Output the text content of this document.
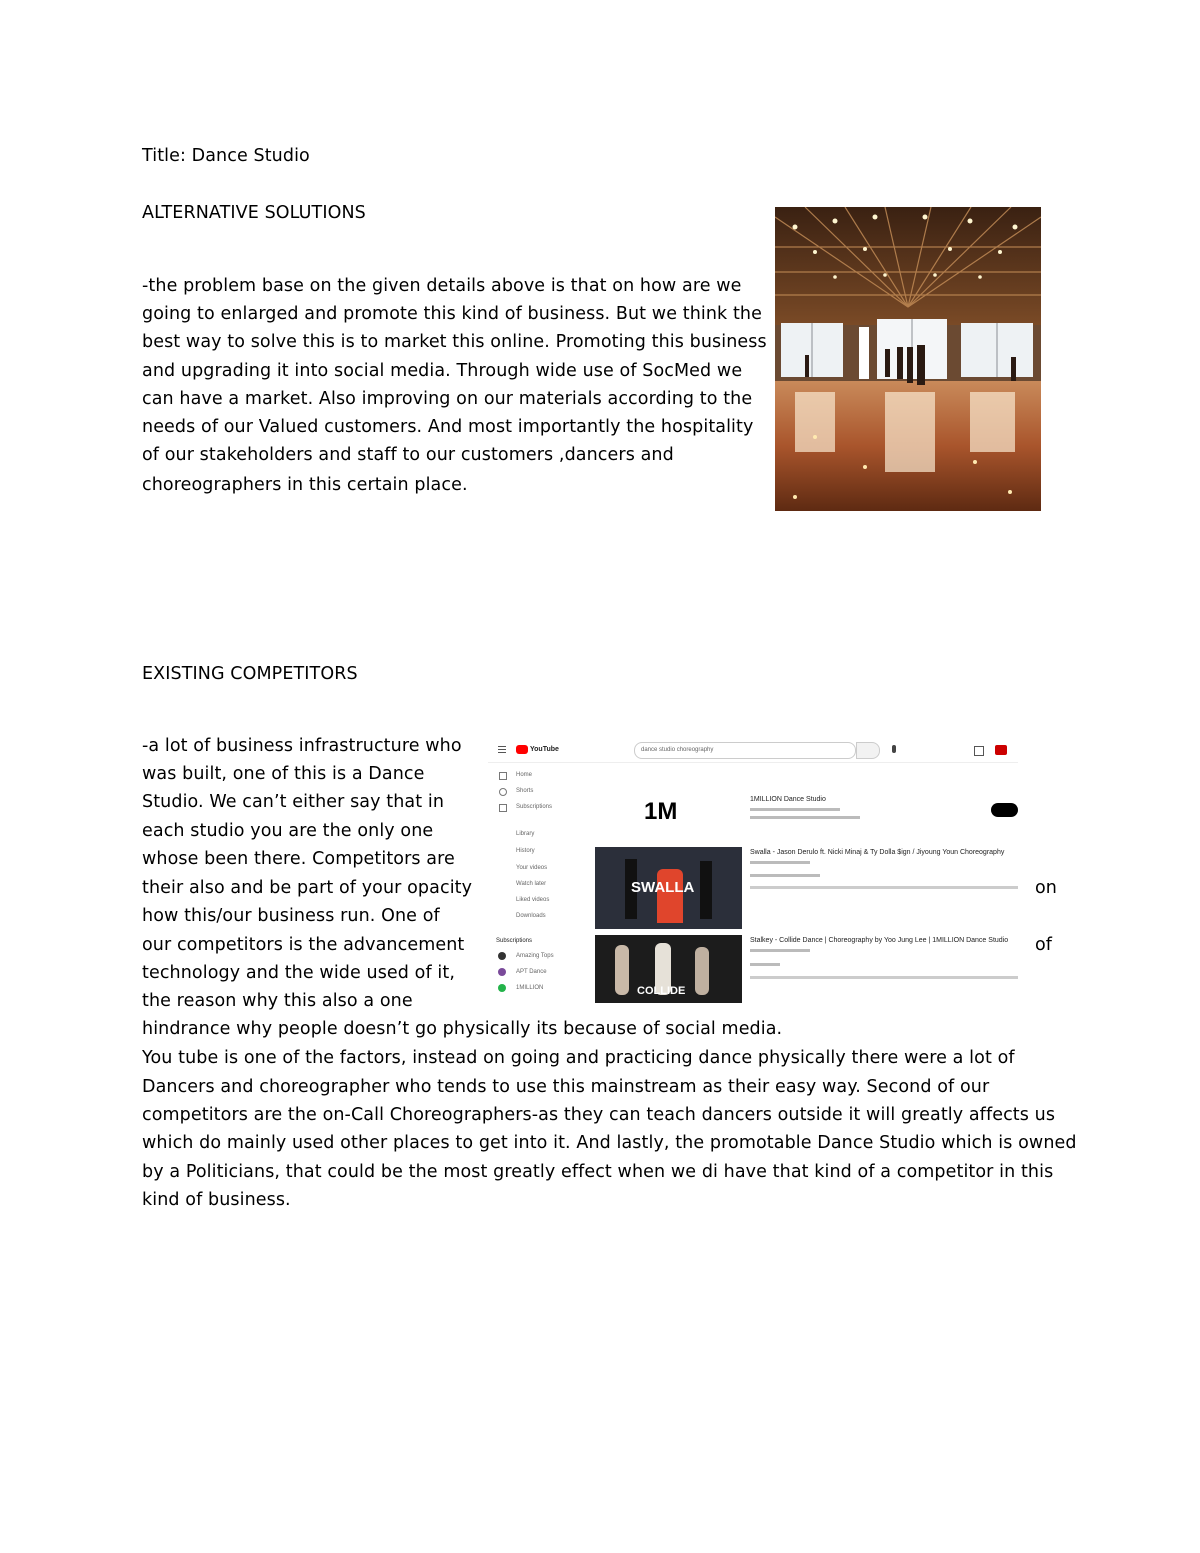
Title: Dance Studio
ALTERNATIVE SOLUTIONS
-the problem base on the given details above is that on how are we
going to enlarged and promote this kind of business. But we think the
best way to solve this is to market this online. Promoting this business
and upgrading it into social media. Through wide use of SocMed we
can have a market. Also improving on our materials according to the
needs of our Valued customers. And most importantly the hospitality
of our stakeholders and staff to our customers ,dancers and
choreographers in this certain place.
EXISTING COMPETITORS
-a lot of business infrastructure who
was built, one of this is a Dance
Studio. We can’t either say that in
each studio you are the only one
whose been there. Competitors are
their also and be part of your opacity
how this/our business run. One of
our competitors is the advancement
technology and the wide used of it,
the reason why this also a one
on
of
hindrance why people doesn’t go physically its because of social media.
You tube is one of the factors, instead on going and practicing dance physically there were a lot of
Dancers and choreographer who tends to use this mainstream as their easy way. Second of our
competitors are the on-Call Choreographers-as they can teach dancers outside it will greatly affects us
which do mainly used other places to get into it. And lastly, the promotable Dance Studio which is owned
by a Politicians, that could be the most greatly effect when we di have that kind of a competitor in this
kind of business.
YouTube	dance studio choreography
Home
Shorts
Subscriptions
Library
History
Your videos
Watch later
Liked videos
Downloads
Subscriptions
Amazing Tops
APT Dance
1MILLION
1M	1MILLION Dance Studio
SWALLA
Swalla - Jason Derulo ft. Nicki Minaj & Ty Dolla $ign / Jiyoung Youn Choreography
COLLIDE
Stalkey - Collide Dance | Choreography by Yoo Jung Lee | 1MILLION Dance Studio
